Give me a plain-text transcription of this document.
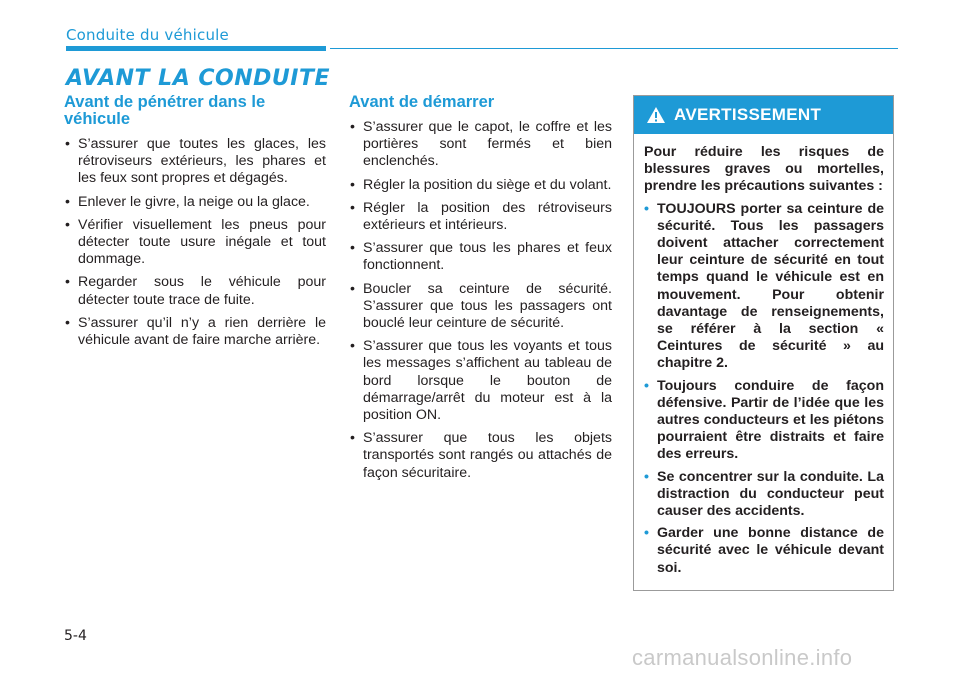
Conduite du véhicule
AVANT LA CONDUITE
Avant de pénétrer dans le véhicule
• S’assurer que toutes les glaces, les rétroviseurs extérieurs, les phares et les feux sont propres et dégagés.
• Enlever le givre, la neige ou la glace.
• Vérifier visuellement les pneus pour détecter toute usure inégale et tout dommage.
• Regarder sous le véhicule pour détecter toute trace de fuite.
• S’assurer qu’il n’y a rien derrière le véhicule avant de faire marche arrière.
Avant de démarrer
• S’assurer que le capot, le coffre et les portières sont fermés et bien enclenchés.
• Régler la position du siège et du volant.
• Régler la position des rétroviseurs extérieurs et intérieurs.
• S’assurer que tous les phares et feux fonctionnent.
• Boucler sa ceinture de sécurité. S’assurer que tous les passagers ont bouclé leur ceinture de sécurité.
• S’assurer que tous les voyants et tous les messages s’affichent au tableau de bord lorsque le bouton de démarrage/arrêt du moteur est à la position ON.
• S’assurer que tous les objets transportés sont rangés ou attachés de façon sécuritaire.
AVERTISSEMENT

Pour réduire les risques de blessures graves ou mortelles, prendre les précautions suivantes :

• TOUJOURS porter sa ceinture de sécurité. Tous les passagers doivent attacher correctement leur ceinture de sécurité en tout temps quand le véhicule est en mouvement. Pour obtenir davantage de renseignements, se référer à la section « Ceintures de sécurité » au chapitre 2.
• Toujours conduire de façon défensive. Partir de l’idée que les autres conducteurs et les piétons pourraient être distraits et faire des erreurs.
• Se concentrer sur la conduite. La distraction du conducteur peut causer des accidents.
• Garder une bonne distance de sécurité avec le véhicule devant soi.
5-4
carmanualsonline.info
